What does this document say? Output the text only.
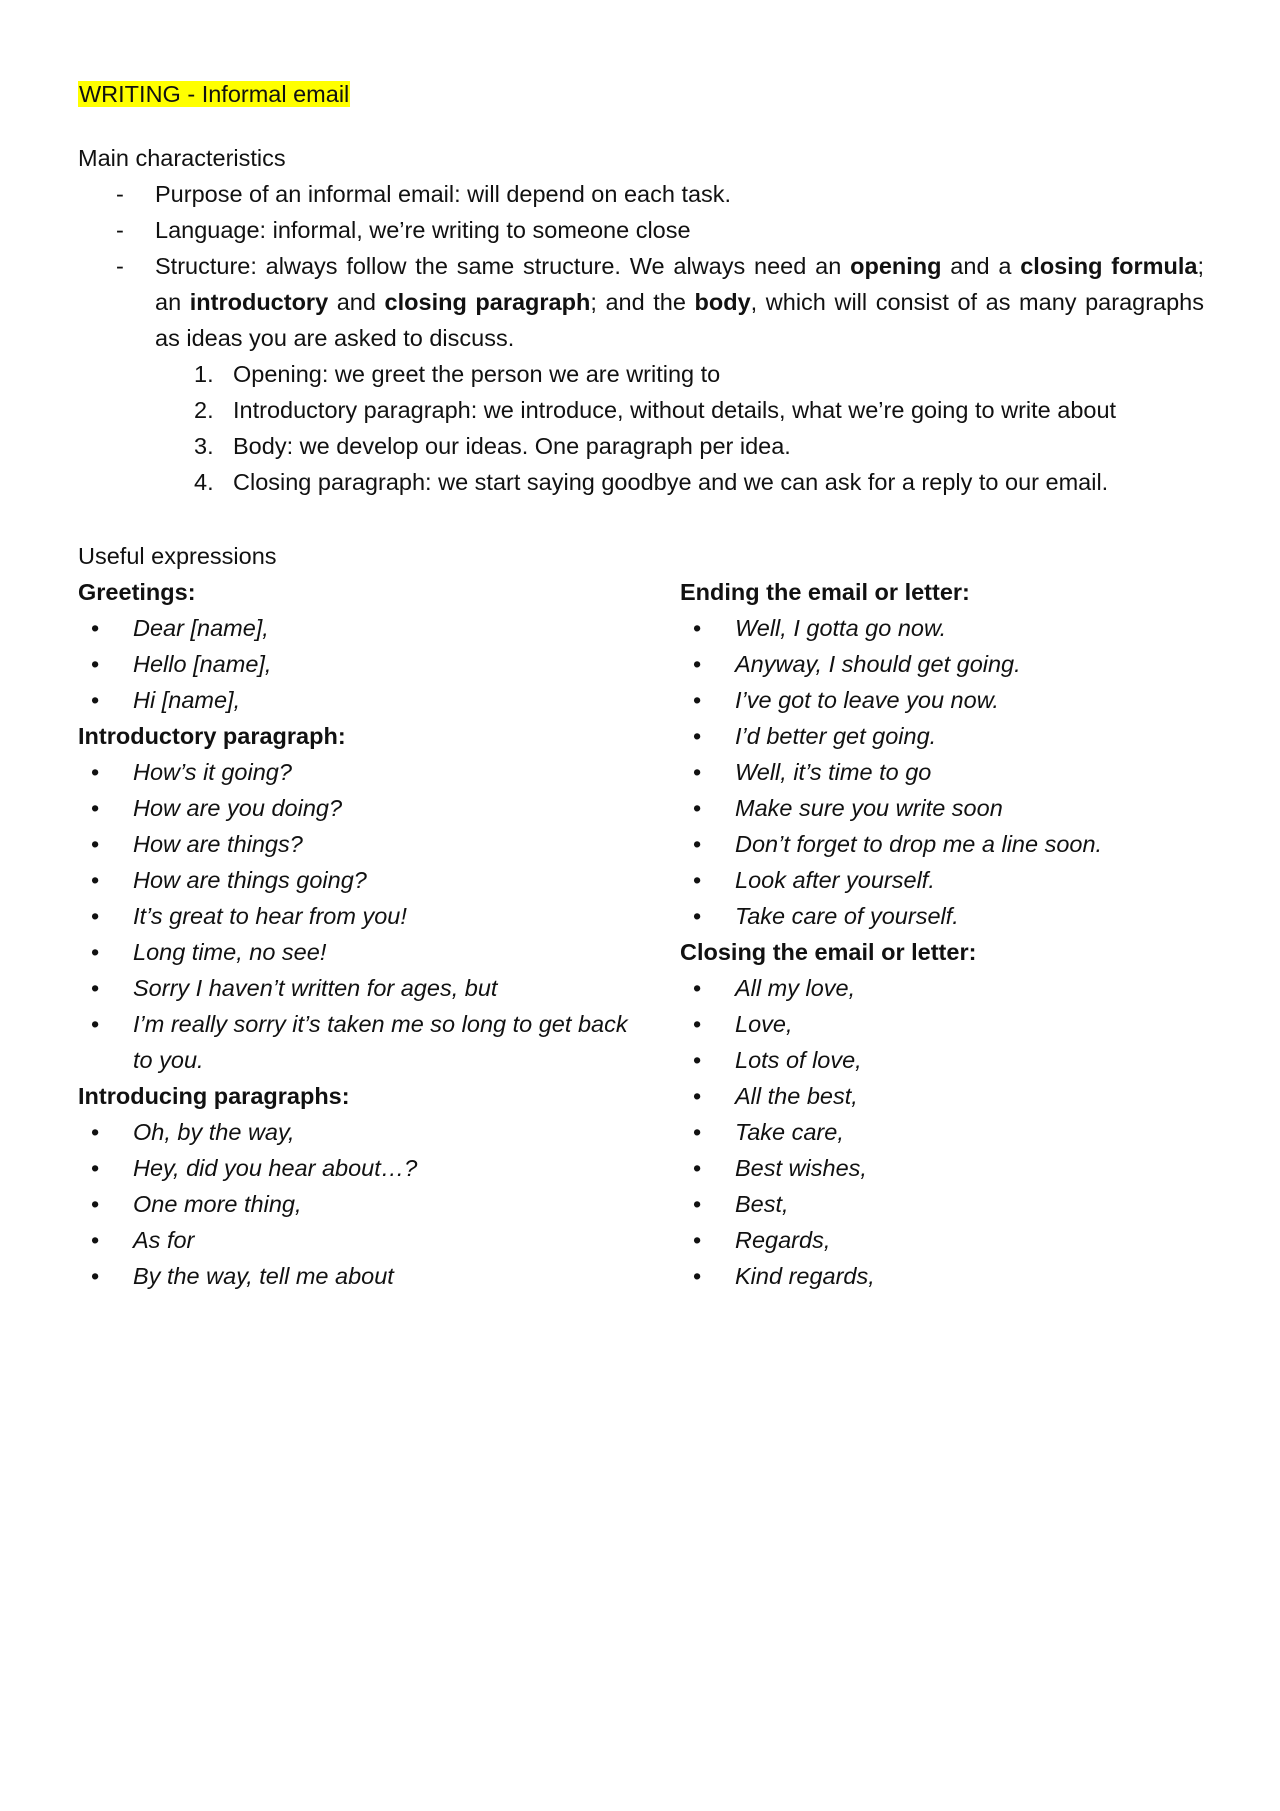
WRITING - Informal email
Main characteristics
- Purpose of an informal email: will depend on each task.
- Language: informal, we’re writing to someone close
- Structure: always follow the same structure. We always need an opening and a closing formula; an introductory and closing paragraph; and the body, which will consist of as many paragraphs as ideas you are asked to discuss.
1. Opening: we greet the person we are writing to
2. Introductory paragraph: we introduce, without details, what we’re going to write about
3. Body: we develop our ideas. One paragraph per idea.
4. Closing paragraph: we start saying goodbye and we can ask for a reply to our email.
Useful expressions
Greetings:
• Dear [name],
• Hello [name],
• Hi [name],
Introductory paragraph:
• How’s it going?
• How are you doing?
• How are things?
• How are things going?
• It’s great to hear from you!
• Long time, no see!
• Sorry I haven’t written for ages, but
• I’m really sorry it’s taken me so long to get back to you.
Introducing paragraphs:
• Oh, by the way,
• Hey, did you hear about…?
• One more thing,
• As for
• By the way, tell me about
Ending the email or letter:
• Well, I gotta go now.
• Anyway, I should get going.
• I’ve got to leave you now.
• I’d better get going.
• Well, it’s time to go
• Make sure you write soon
• Don’t forget to drop me a line soon.
• Look after yourself.
• Take care of yourself.
Closing the email or letter:
• All my love,
• Love,
• Lots of love,
• All the best,
• Take care,
• Best wishes,
• Best,
• Regards,
• Kind regards,
